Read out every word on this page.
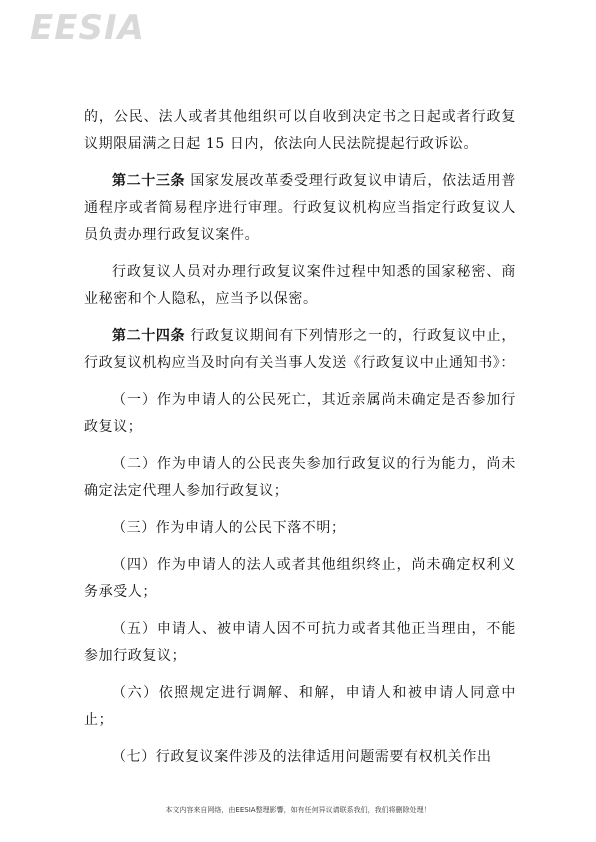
EESIA

的，公民、法人或者其他组织可以自收到决定书之日起或者行政复议期限届满之日起 15 日内，依法向人民法院提起行政诉讼。

第二十三条 国家发展改革委受理行政复议申请后，依法适用普通程序或者简易程序进行审理。行政复议机构应当指定行政复议人员负责办理行政复议案件。

行政复议人员对办理行政复议案件过程中知悉的国家秘密、商业秘密和个人隐私，应当予以保密。

第二十四条 行政复议期间有下列情形之一的，行政复议中止，行政复议机构应当及时向有关当事人发送《行政复议中止通知书》：

（一）作为申请人的公民死亡，其近亲属尚未确定是否参加行政复议；

（二）作为申请人的公民丧失参加行政复议的行为能力，尚未确定法定代理人参加行政复议；

（三）作为申请人的公民下落不明；

（四）作为申请人的法人或者其他组织终止，尚未确定权利义务承受人；

（五）申请人、被申请人因不可抗力或者其他正当理由，不能参加行政复议；

（六）依照规定进行调解、和解，申请人和被申请人同意中止；

（七）行政复议案件涉及的法律适用问题需要有权机关作出

本文内容来自网络，由EESIA整理影響，如有任何异议请联系我们，我们将删除处理！
